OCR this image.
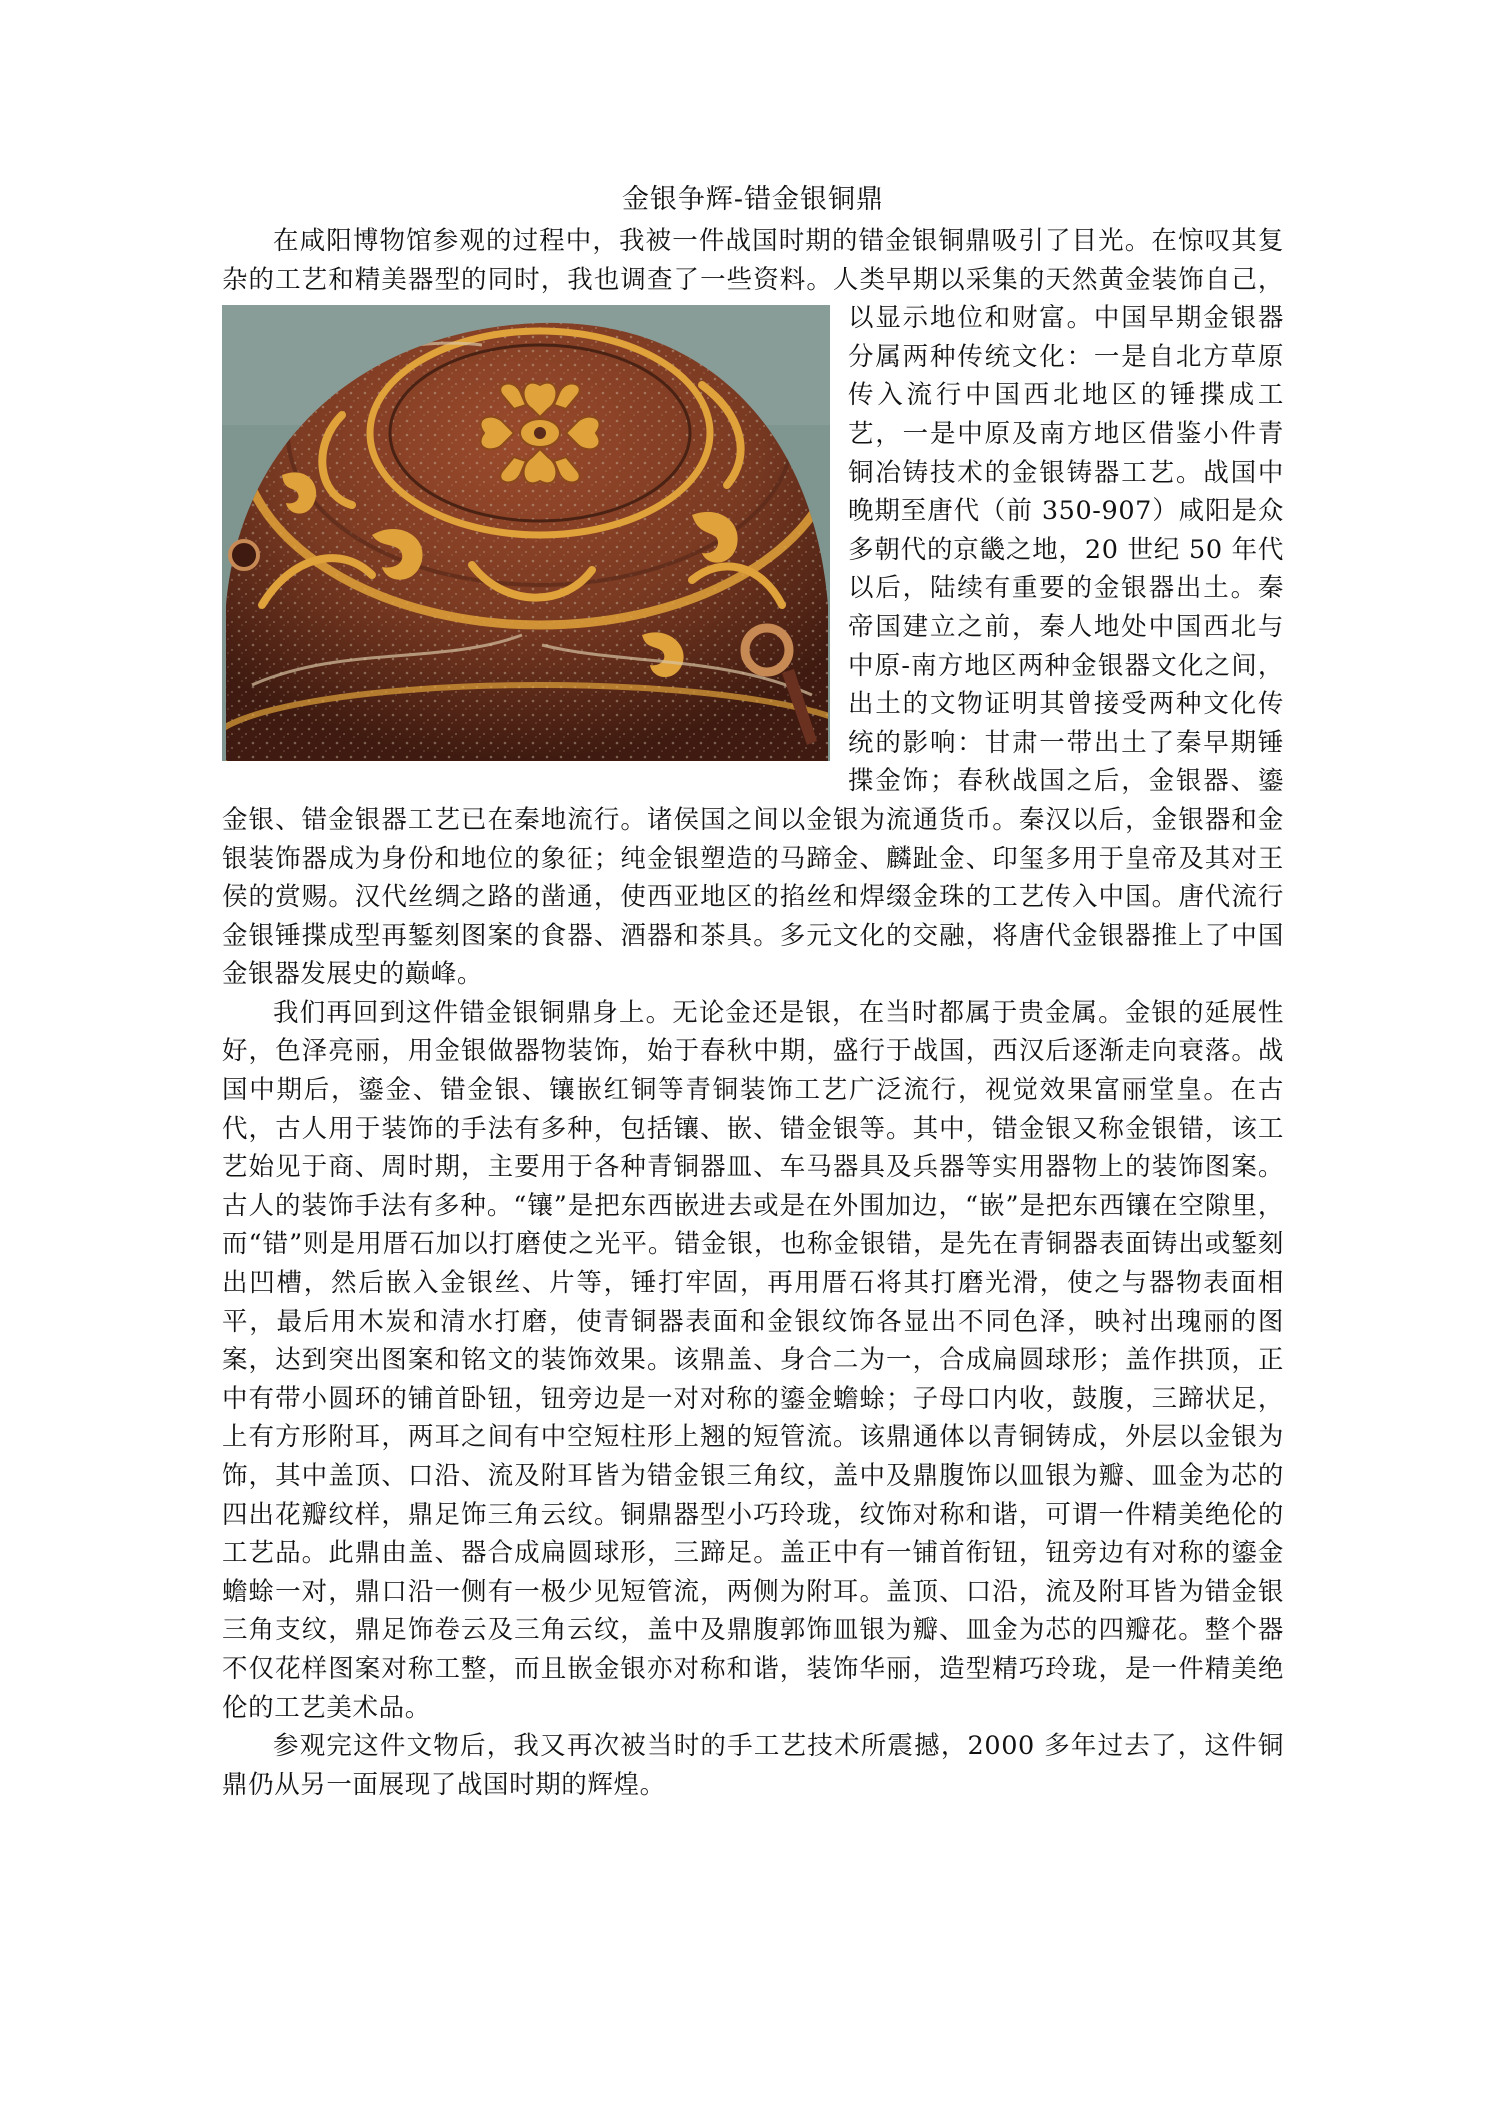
金银争辉-错金银铜鼎

在咸阳博物馆参观的过程中，我被一件战国时期的错金银铜鼎吸引了目光。在惊叹其复杂的工艺和精美器型的同时，我也调查了一些资料。人类早期以采集的天然黄金装饰自己，
以显示地位和财富。中国早期金银器分属两种传统文化：一是自北方草原传入流行中国西北地区的锤揲成工艺，一是中原及南方地区借鉴小件青铜冶铸技术的金银铸器工艺。战国中晚期至唐代（前 350-907）咸阳是众多朝代的京畿之地，20 世纪 50 年代以后，陆续有重要的金银器出土。秦帝国建立之前，秦人地处中国西北与中原-南方地区两种金银器文化之间，出土的文物证明其曾接受两种文化传统的影响：甘肃一带出土了秦早期锤揲金饰；春秋战国之后，金银器、鎏金银、错金银器工艺已在秦地流行。诸侯国之间以金银为流通货币。秦汉以后，金银器和金银装饰器成为身份和地位的象征；纯金银塑造的马蹄金、麟趾金、印玺多用于皇帝及其对王侯的赏赐。汉代丝绸之路的凿通，使西亚地区的掐丝和焊缀金珠的工艺传入中国。唐代流行金银锤揲成型再錾刻图案的食器、酒器和茶具。多元文化的交融，将唐代金银器推上了中国金银器发展史的巅峰。

我们再回到这件错金银铜鼎身上。无论金还是银，在当时都属于贵金属。金银的延展性好，色泽亮丽，用金银做器物装饰，始于春秋中期，盛行于战国，西汉后逐渐走向衰落。战国中期后，鎏金、错金银、镶嵌红铜等青铜装饰工艺广泛流行，视觉效果富丽堂皇。在古代，古人用于装饰的手法有多种，包括镶、嵌、错金银等。其中，错金银又称金银错，该工艺始见于商、周时期，主要用于各种青铜器皿、车马器具及兵器等实用器物上的装饰图案。古人的装饰手法有多种。“镶”是把东西嵌进去或是在外围加边，“嵌”是把东西镶在空隙里，而“错”则是用厝石加以打磨使之光平。错金银，也称金银错，是先在青铜器表面铸出或錾刻出凹槽，然后嵌入金银丝、片等，锤打牢固，再用厝石将其打磨光滑，使之与器物表面相平，最后用木炭和清水打磨，使青铜器表面和金银纹饰各显出不同色泽，映衬出瑰丽的图案，达到突出图案和铭文的装饰效果。该鼎盖、身合二为一，合成扁圆球形；盖作拱顶，正中有带小圆环的铺首卧钮，钮旁边是一对对称的鎏金蟾蜍；子母口内收，鼓腹，三蹄状足，上有方形附耳，两耳之间有中空短柱形上翘的短管流。该鼎通体以青铜铸成，外层以金银为饰，其中盖顶、口沿、流及附耳皆为错金银三角纹，盖中及鼎腹饰以皿银为瓣、皿金为芯的四出花瓣纹样，鼎足饰三角云纹。铜鼎器型小巧玲珑，纹饰对称和谐，可谓一件精美绝伦的工艺品。此鼎由盖、器合成扁圆球形，三蹄足。盖正中有一铺首衔钮，钮旁边有对称的鎏金蟾蜍一对，鼎口沿一侧有一极少见短管流，两侧为附耳。盖顶、口沿，流及附耳皆为错金银三角支纹，鼎足饰卷云及三角云纹，盖中及鼎腹郭饰皿银为瓣、皿金为芯的四瓣花。整个器不仅花样图案对称工整，而且嵌金银亦对称和谐，装饰华丽，造型精巧玲珑，是一件精美绝伦的工艺美术品。

参观完这件文物后，我又再次被当时的手工艺技术所震撼，2000 多年过去了，这件铜鼎仍从另一面展现了战国时期的辉煌。
